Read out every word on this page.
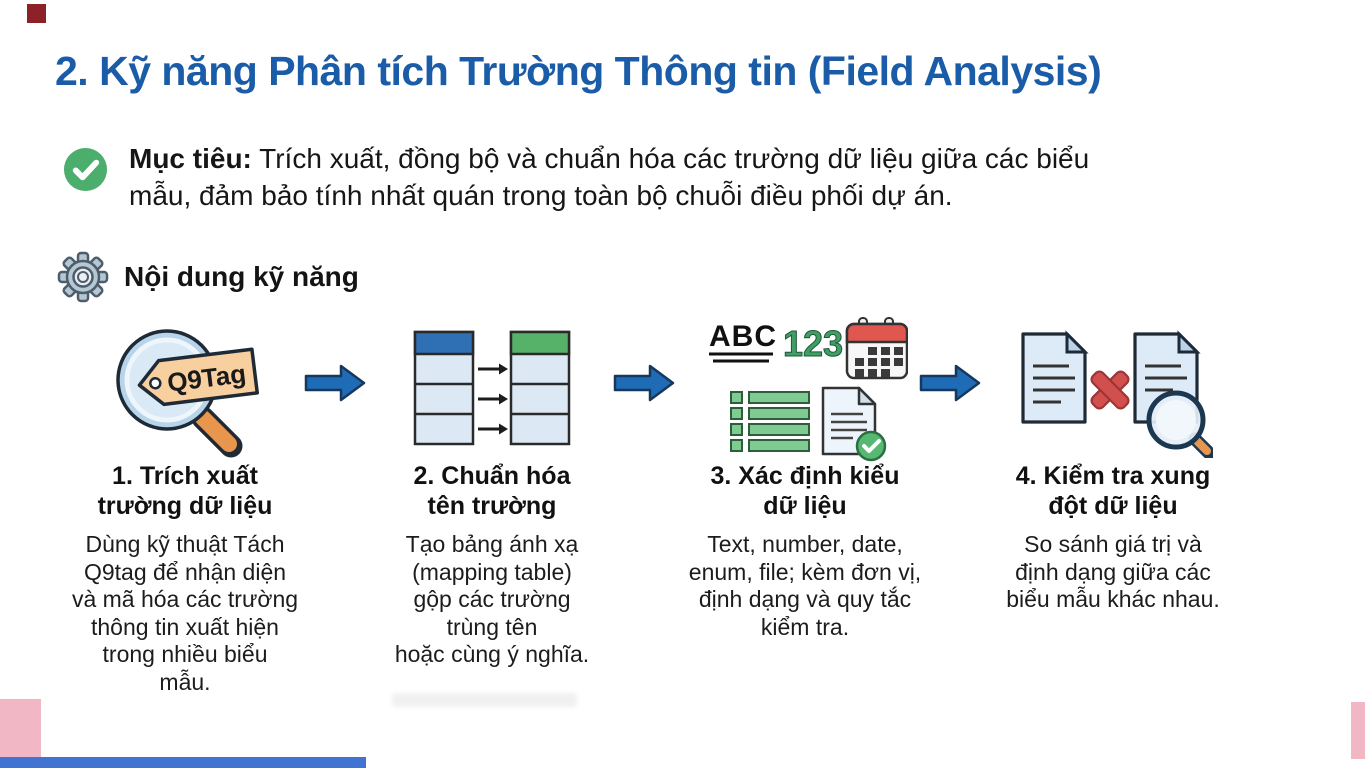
2. Kỹ năng Phân tích Trường Thông tin (Field Analysis)

Mục tiêu: Trích xuất, đồng bộ và chuẩn hóa các trường dữ liệu giữa các biểu mẫu, đảm bảo tính nhất quán trong toàn bộ chuỗi điều phối dự án.

Nội dung kỹ năng
Q9Tag
1. Trích xuất
trường dữ liệu

Dùng kỹ thuật Tách
Q9tag để nhận diện
và mã hóa các trường
thông tin xuất hiện
trong nhiều biểu
mẫu.

2. Chuẩn hóa
tên trường

Tạo bảng ánh xạ
(mapping table)
gộp các trường
trùng tên
hoặc cùng ý nghĩa.

ABC 123
3. Xác định kiểu
dữ liệu

Text, number, date,
enum, file; kèm đơn vị,
định dạng và quy tắc
kiểm tra.

4. Kiểm tra xung
đột dữ liệu

So sánh giá trị và
định dạng giữa các
biểu mẫu khác nhau.
